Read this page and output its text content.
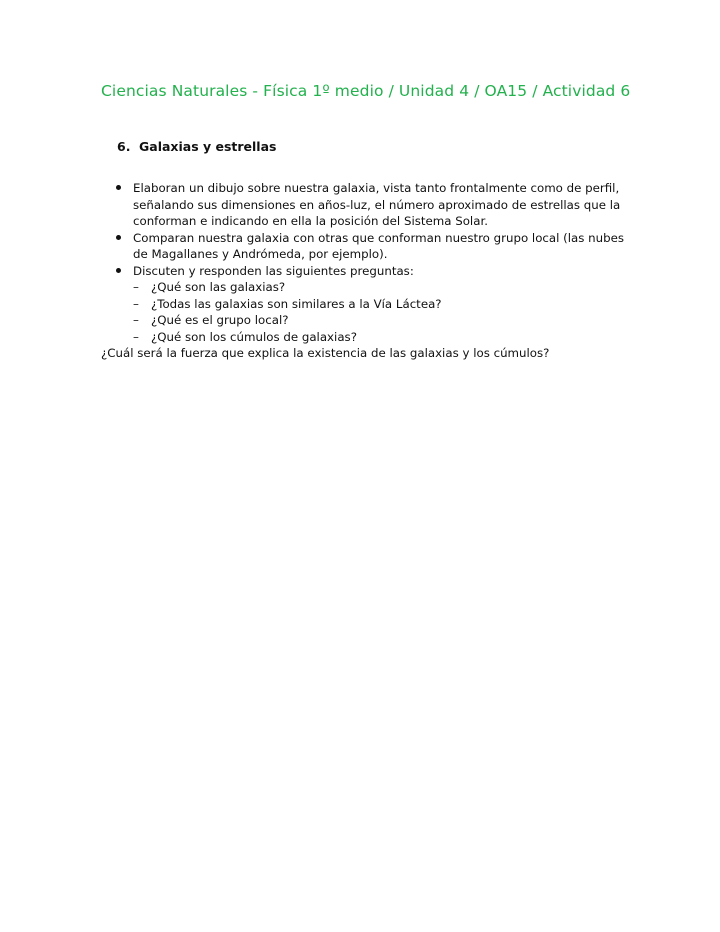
Ciencias Naturales - Física 1º medio / Unidad 4 / OA15 / Actividad 6
6. Galaxias y estrellas
Elaboran un dibujo sobre nuestra galaxia, vista tanto frontalmente como de perfil, señalando sus dimensiones en años-luz, el número aproximado de estrellas que la conforman e indicando en ella la posición del Sistema Solar.
Comparan nuestra galaxia con otras que conforman nuestro grupo local (las nubes de Magallanes y Andrómeda, por ejemplo).
Discuten y responden las siguientes preguntas:
– ¿Qué son las galaxias?
– ¿Todas las galaxias son similares a la Vía Láctea?
– ¿Qué es el grupo local?
– ¿Qué son los cúmulos de galaxias?
¿Cuál será la fuerza que explica la existencia de las galaxias y los cúmulos?
